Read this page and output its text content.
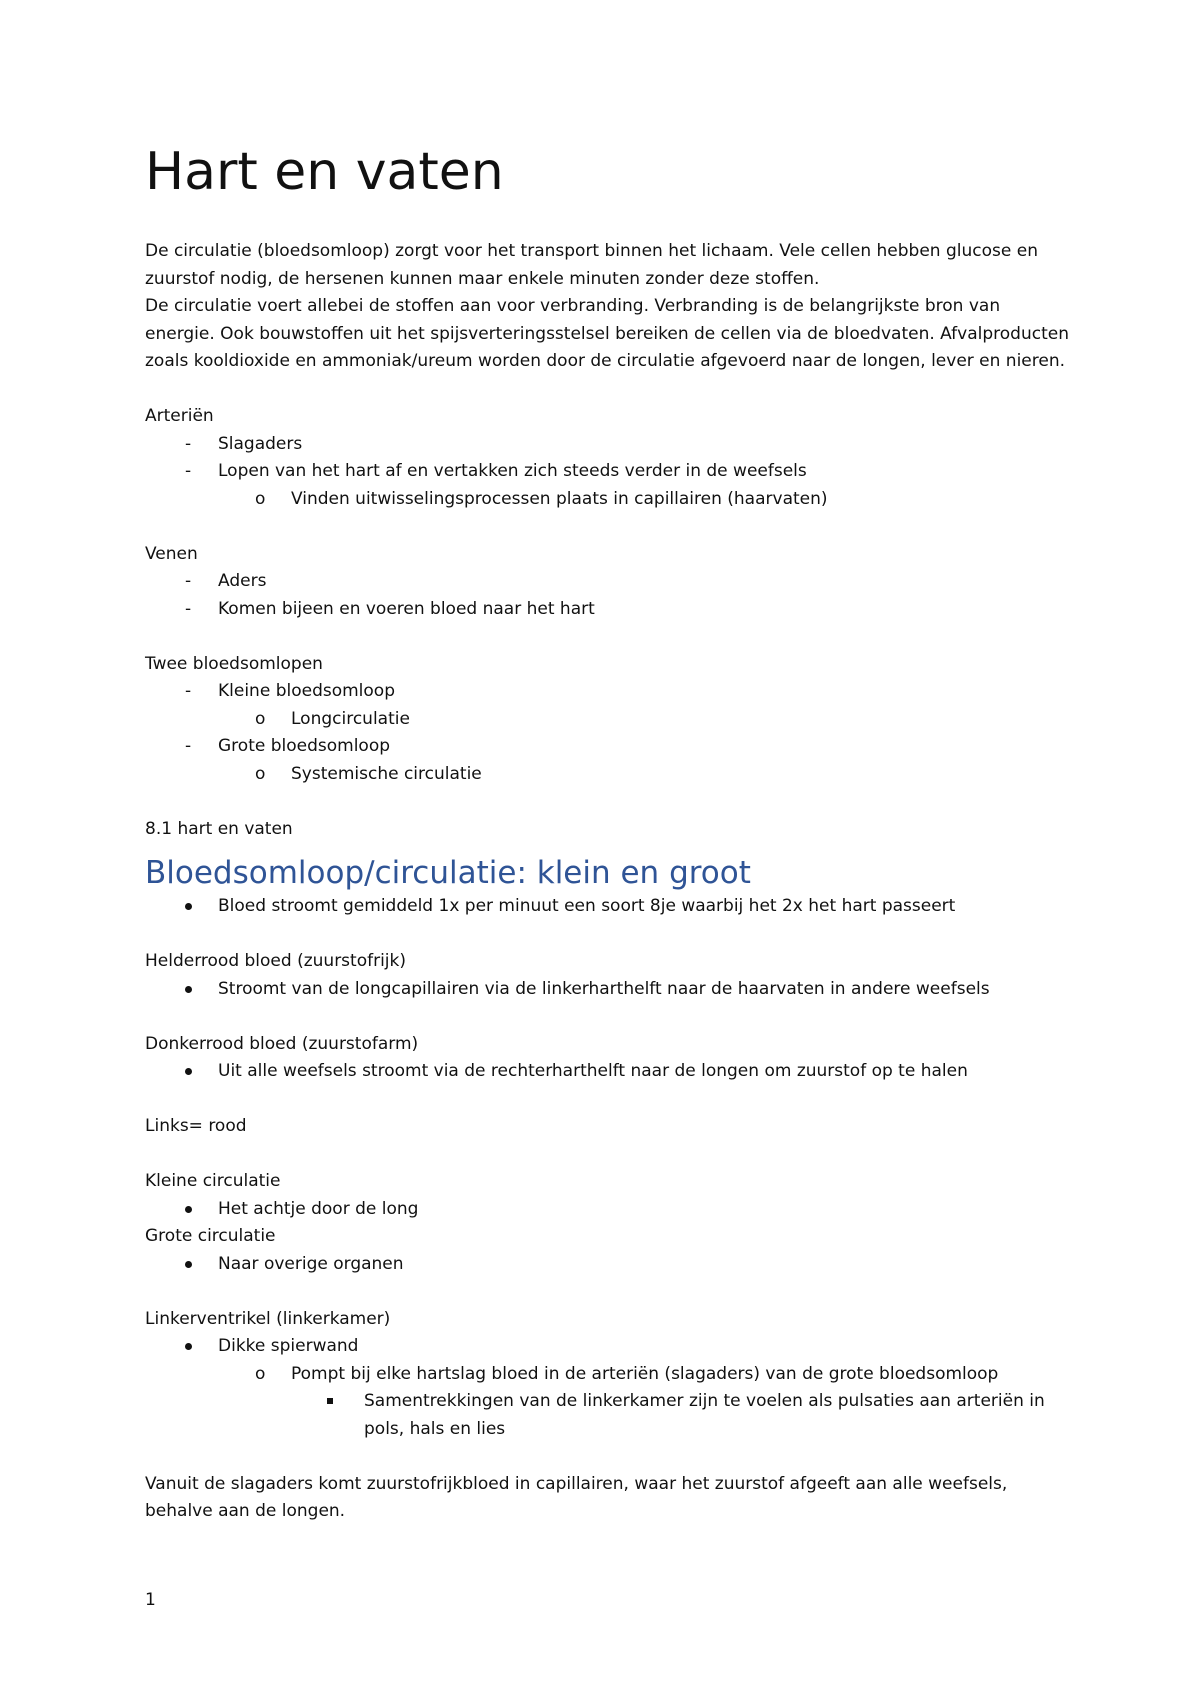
Hart en vaten

De circulatie (bloedsomloop) zorgt voor het transport binnen het lichaam. Vele cellen hebben glucose en zuurstof nodig, de hersenen kunnen maar enkele minuten zonder deze stoffen.

De circulatie voert allebei de stoffen aan voor verbranding. Verbranding is de belangrijkste bron van energie. Ook bouwstoffen uit het spijsverteringsstelsel bereiken de cellen via de bloedvaten. Afvalproducten zoals kooldioxide en ammoniak/ureum worden door de circulatie afgevoerd naar de longen, lever en nieren.

Arteriën

-	Slagaders
-	Lopen van het hart af en vertakken zich steeds verder in de weefsels
o	Vinden uitwisselingsprocessen plaats in capillairen (haarvaten)

Venen

-	Aders
-	Komen bijeen en voeren bloed naar het hart

Twee bloedsomlopen

-	Kleine bloedsomloop
o	Longcirculatie
-	Grote bloedsomloop
o	Systemische circulatie

8.1 hart en vaten

Bloedsomloop/circulatie: klein en groot
Bloed stroomt gemiddeld 1x per minuut een soort 8je waarbij het 2x het hart passeert

Helderrood bloed (zuurstofrijk)

Stroomt van de longcapillairen via de linkerharthelft naar de haarvaten in andere weefsels

Donkerrood bloed (zuurstofarm)

Uit alle weefsels stroomt via de rechterharthelft naar de longen om zuurstof op te halen

Links= rood

Kleine circulatie

Het achtje door de long

Grote circulatie

Naar overige organen

Linkerventrikel (linkerkamer)

Dikke spierwand
o	Pompt bij elke hartslag bloed in de arteriën (slagaders) van de grote bloedsomloop
Samentrekkingen van de linkerkamer zijn te voelen als pulsaties aan arteriën in pols, hals en lies

Vanuit de slagaders komt zuurstofrijkbloed in capillairen, waar het zuurstof afgeeft aan alle weefsels, behalve aan de longen.

1
